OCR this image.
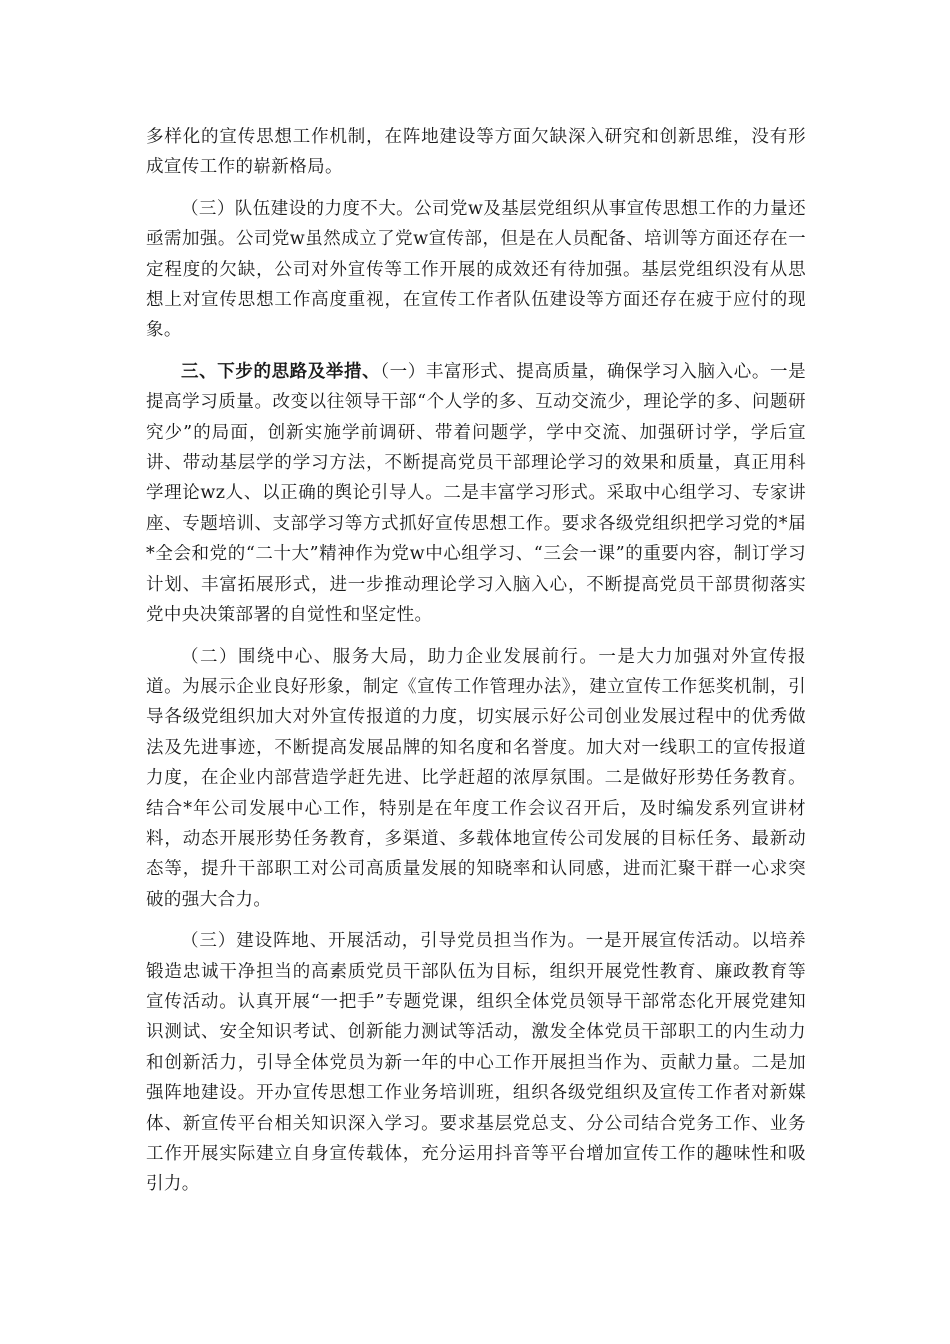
多样化的宣传思想工作机制，在阵地建设等方面欠缺深入研究和创新思维，没有形成宣传工作的崭新格局。

（三）队伍建设的力度不大。公司党w及基层党组织从事宣传思想工作的力量还亟需加强。公司党w虽然成立了党w宣传部，但是在人员配备、培训等方面还存在一定程度的欠缺，公司对外宣传等工作开展的成效还有待加强。基层党组织没有从思想上对宣传思想工作高度重视，在宣传工作者队伍建设等方面还存在疲于应付的现象。

三、下步的思路及举措、（一）丰富形式、提高质量，确保学习入脑入心。一是提高学习质量。改变以往领导干部“个人学的多、互动交流少，理论学的多、问题研究少”的局面，创新实施学前调研、带着问题学，学中交流、加强研讨学，学后宣讲、带动基层学的学习方法，不断提高党员干部理论学习的效果和质量，真正用科学理论wz人、以正确的舆论引导人。二是丰富学习形式。采取中心组学习、专家讲座、专题培训、支部学习等方式抓好宣传思想工作。要求各级党组织把学习党的*届*全会和党的“二十大”精神作为党w中心组学习、“三会一课”的重要内容，制订学习计划、丰富拓展形式，进一步推动理论学习入脑入心，不断提高党员干部贯彻落实党中央决策部署的自觉性和坚定性。

（二）围绕中心、服务大局，助力企业发展前行。一是大力加强对外宣传报道。为展示企业良好形象，制定《宣传工作管理办法》，建立宣传工作惩奖机制，引导各级党组织加大对外宣传报道的力度，切实展示好公司创业发展过程中的优秀做法及先进事迹，不断提高发展品牌的知名度和名誉度。加大对一线职工的宣传报道力度，在企业内部营造学赶先进、比学赶超的浓厚氛围。二是做好形势任务教育。结合*年公司发展中心工作，特别是在年度工作会议召开后，及时编发系列宣讲材料，动态开展形势任务教育，多渠道、多载体地宣传公司发展的目标任务、最新动态等，提升干部职工对公司高质量发展的知晓率和认同感，进而汇聚干群一心求突破的强大合力。

（三）建设阵地、开展活动，引导党员担当作为。一是开展宣传活动。以培养锻造忠诚干净担当的高素质党员干部队伍为目标，组织开展党性教育、廉政教育等宣传活动。认真开展“一把手”专题党课，组织全体党员领导干部常态化开展党建知识测试、安全知识考试、创新能力测试等活动，激发全体党员干部职工的内生动力和创新活力，引导全体党员为新一年的中心工作开展担当作为、贡献力量。二是加强阵地建设。开办宣传思想工作业务培训班，组织各级党组织及宣传工作者对新媒体、新宣传平台相关知识深入学习。要求基层党总支、分公司结合党务工作、业务工作开展实际建立自身宣传载体，充分运用抖音等平台增加宣传工作的趣味性和吸引力。
